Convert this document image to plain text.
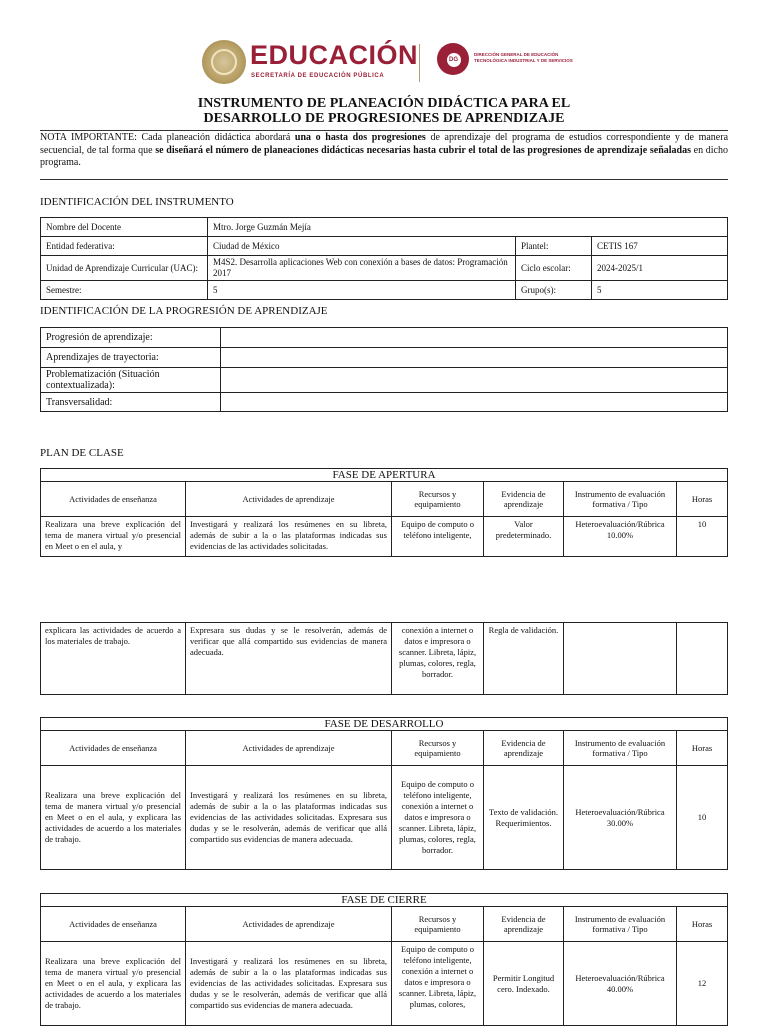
EDUCACIÓN
SECRETARÍA DE EDUCACIÓN PÚBLICA
DG
DIRECCIÓN GENERAL DE EDUCACIÓN TECNOLÓGICA INDUSTRIAL Y DE SERVICIOS
INSTRUMENTO DE PLANEACIÓN DIDÁCTICA PARA EL
DESARROLLO DE PROGRESIONES DE APRENDIZAJE
NOTA IMPORTANTE: Cada planeación didáctica abordará una o hasta dos progresiones de aprendizaje del programa de estudios correspondiente y de manera secuencial, de tal forma que se diseñará el número de planeaciones didácticas necesarias hasta cubrir el total de las progresiones de aprendizaje señaladas en dicho programa.
IDENTIFICACIÓN DEL INSTRUMENTO
Nombre del Docente	Mtro. Jorge Guzmán Mejía		
Entidad federativa:	Ciudad de México	Plantel:	CETIS 167
Unidad de Aprendizaje Curricular (UAC):	M4S2. Desarrolla aplicaciones Web con conexión a bases de datos: Programación 2017	Ciclo escolar:	2024-2025/1
Semestre:	5	Grupo(s):	5
IDENTIFICACIÓN DE LA PROGRESIÓN DE APRENDIZAJE
Progresión de aprendizaje:	
Aprendizajes de trayectoria:	
Problematización (Situación contextualizada):	
Transversalidad:	
PLAN DE CLASE
FASE DE APERTURA					
Actividades de enseñanza	Actividades de aprendizaje	Recursos y equipamiento	Evidencia de aprendizaje	Instrumento de evaluación formativa / Tipo	Horas
Realizara una breve explicación del tema de manera virtual y/o presencial en Meet o en el aula, y	Investigará y realizará los resúmenes en su libreta, además de subir a la o las plataformas indicadas sus evidencias de las actividades solicitadas.	Equipo de computo o teléfono inteligente,	Valor predeterminado.	Heteroevaluación/Rúbrica 10.00%	10

explicara las actividades de acuerdo a los materiales de trabajo.	Expresara sus dudas y se le resolverán, además de verificar que allá compartido sus evidencias de manera adecuada.	conexión a internet o datos e impresora o scanner. Libreta, lápiz, plumas, colores, regla, borrador.	Regla de validación.		
FASE DE DESARROLLO					
Actividades de enseñanza	Actividades de aprendizaje	Recursos y equipamiento	Evidencia de aprendizaje	Instrumento de evaluación formativa / Tipo	Horas
Realizara una breve explicación del tema de manera virtual y/o presencial en Meet o en el aula, y explicara las actividades de acuerdo a los materiales de trabajo.	Investigará y realizará los resúmenes en su libreta, además de subir a la o las plataformas indicadas sus evidencias de las actividades solicitadas. Expresara sus dudas y se le resolverán, además de verificar que allá compartido sus evidencias de manera adecuada.	Equipo de computo o teléfono inteligente, conexión a internet o datos e impresora o scanner. Libreta, lápiz, plumas, colores, regla, borrador.	Texto de validación. Requerimientos.	Heteroevaluación/Rúbrica 30.00%	10
FASE DE CIERRE					
Actividades de enseñanza	Actividades de aprendizaje	Recursos y equipamiento	Evidencia de aprendizaje	Instrumento de evaluación formativa / Tipo	Horas
Realizara una breve explicación del tema de manera virtual y/o presencial en Meet o en el aula, y explicara las actividades de acuerdo a los materiales de trabajo.	Investigará y realizará los resúmenes en su libreta, además de subir a la o las plataformas indicadas sus evidencias de las actividades solicitadas. Expresara sus dudas y se le resolverán, además de verificar que allá compartido sus evidencias de manera adecuada.	Equipo de computo o teléfono inteligente, conexión a internet o datos e impresora o scanner. Libreta, lápiz, plumas, colores,	Permitir Longitud cero. Indexado.	Heteroevaluación/Rúbrica 40.00%	12
